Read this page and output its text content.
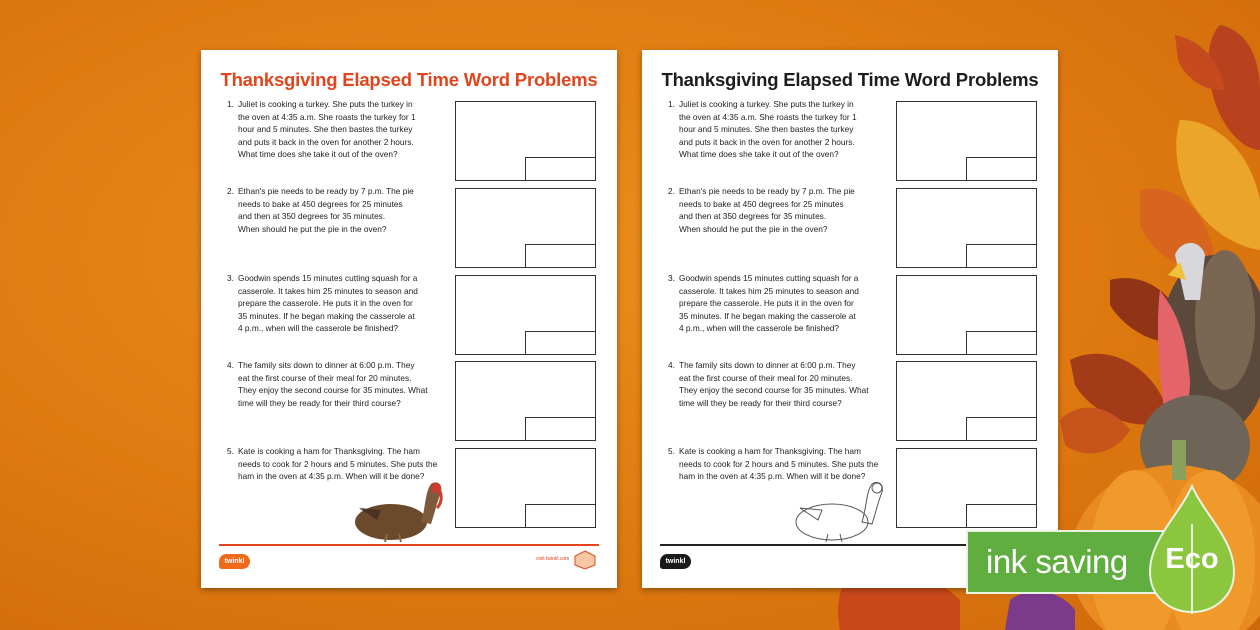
Thanksgiving Elapsed Time Word Problems
1. Juliet is cooking a turkey. She puts the turkey in
the oven at 4:35 a.m. She roasts the turkey for 1
hour and 5 minutes. She then bastes the turkey
and puts it back in the oven for another 2 hours.
What time does she take it out of the oven?
2. Ethan's pie needs to be ready by 7 p.m. The pie
needs to bake at 450 degrees for 25 minutes
and then at 350 degrees for 35 minutes.
When should he put the pie in the oven?
3. Goodwin spends 15 minutes cutting squash for a
casserole. It takes him 25 minutes to season and
prepare the casserole. He puts it in the oven for
35 minutes. If he began making the casserole at
4 p.m., when will the casserole be finished?
4. The family sits down to dinner at 6:00 p.m. They
eat the first course of their meal for 20 minutes.
They enjoy the second course for 35 minutes. What
time will they be ready for their third course?
5. Kate is cooking a ham for Thanksgiving. The ham
needs to cook for 2 hours and 5 minutes. She puts the
ham in the oven at 4:35 p.m. When will it be done?
twinkl	visit twinkl.com
Thanksgiving Elapsed Time Word Problems
1. Juliet is cooking a turkey. She puts the turkey in
the oven at 4:35 a.m. She roasts the turkey for 1
hour and 5 minutes. She then bastes the turkey
and puts it back in the oven for another 2 hours.
What time does she take it out of the oven?
2. Ethan's pie needs to be ready by 7 p.m. The pie
needs to bake at 450 degrees for 25 minutes
and then at 350 degrees for 35 minutes.
When should he put the pie in the oven?
3. Goodwin spends 15 minutes cutting squash for a
casserole. It takes him 25 minutes to season and
prepare the casserole. He puts it in the oven for
35 minutes. If he began making the casserole at
4 p.m., when will the casserole be finished?
4. The family sits down to dinner at 6:00 p.m. They
eat the first course of their meal for 20 minutes.
They enjoy the second course for 35 minutes. What
time will they be ready for their third course?
5. Kate is cooking a ham for Thanksgiving. The ham
needs to cook for 2 hours and 5 minutes. She puts the
ham in the oven at 4:35 p.m. When will it be done?
twinkl	ink saving Eco
